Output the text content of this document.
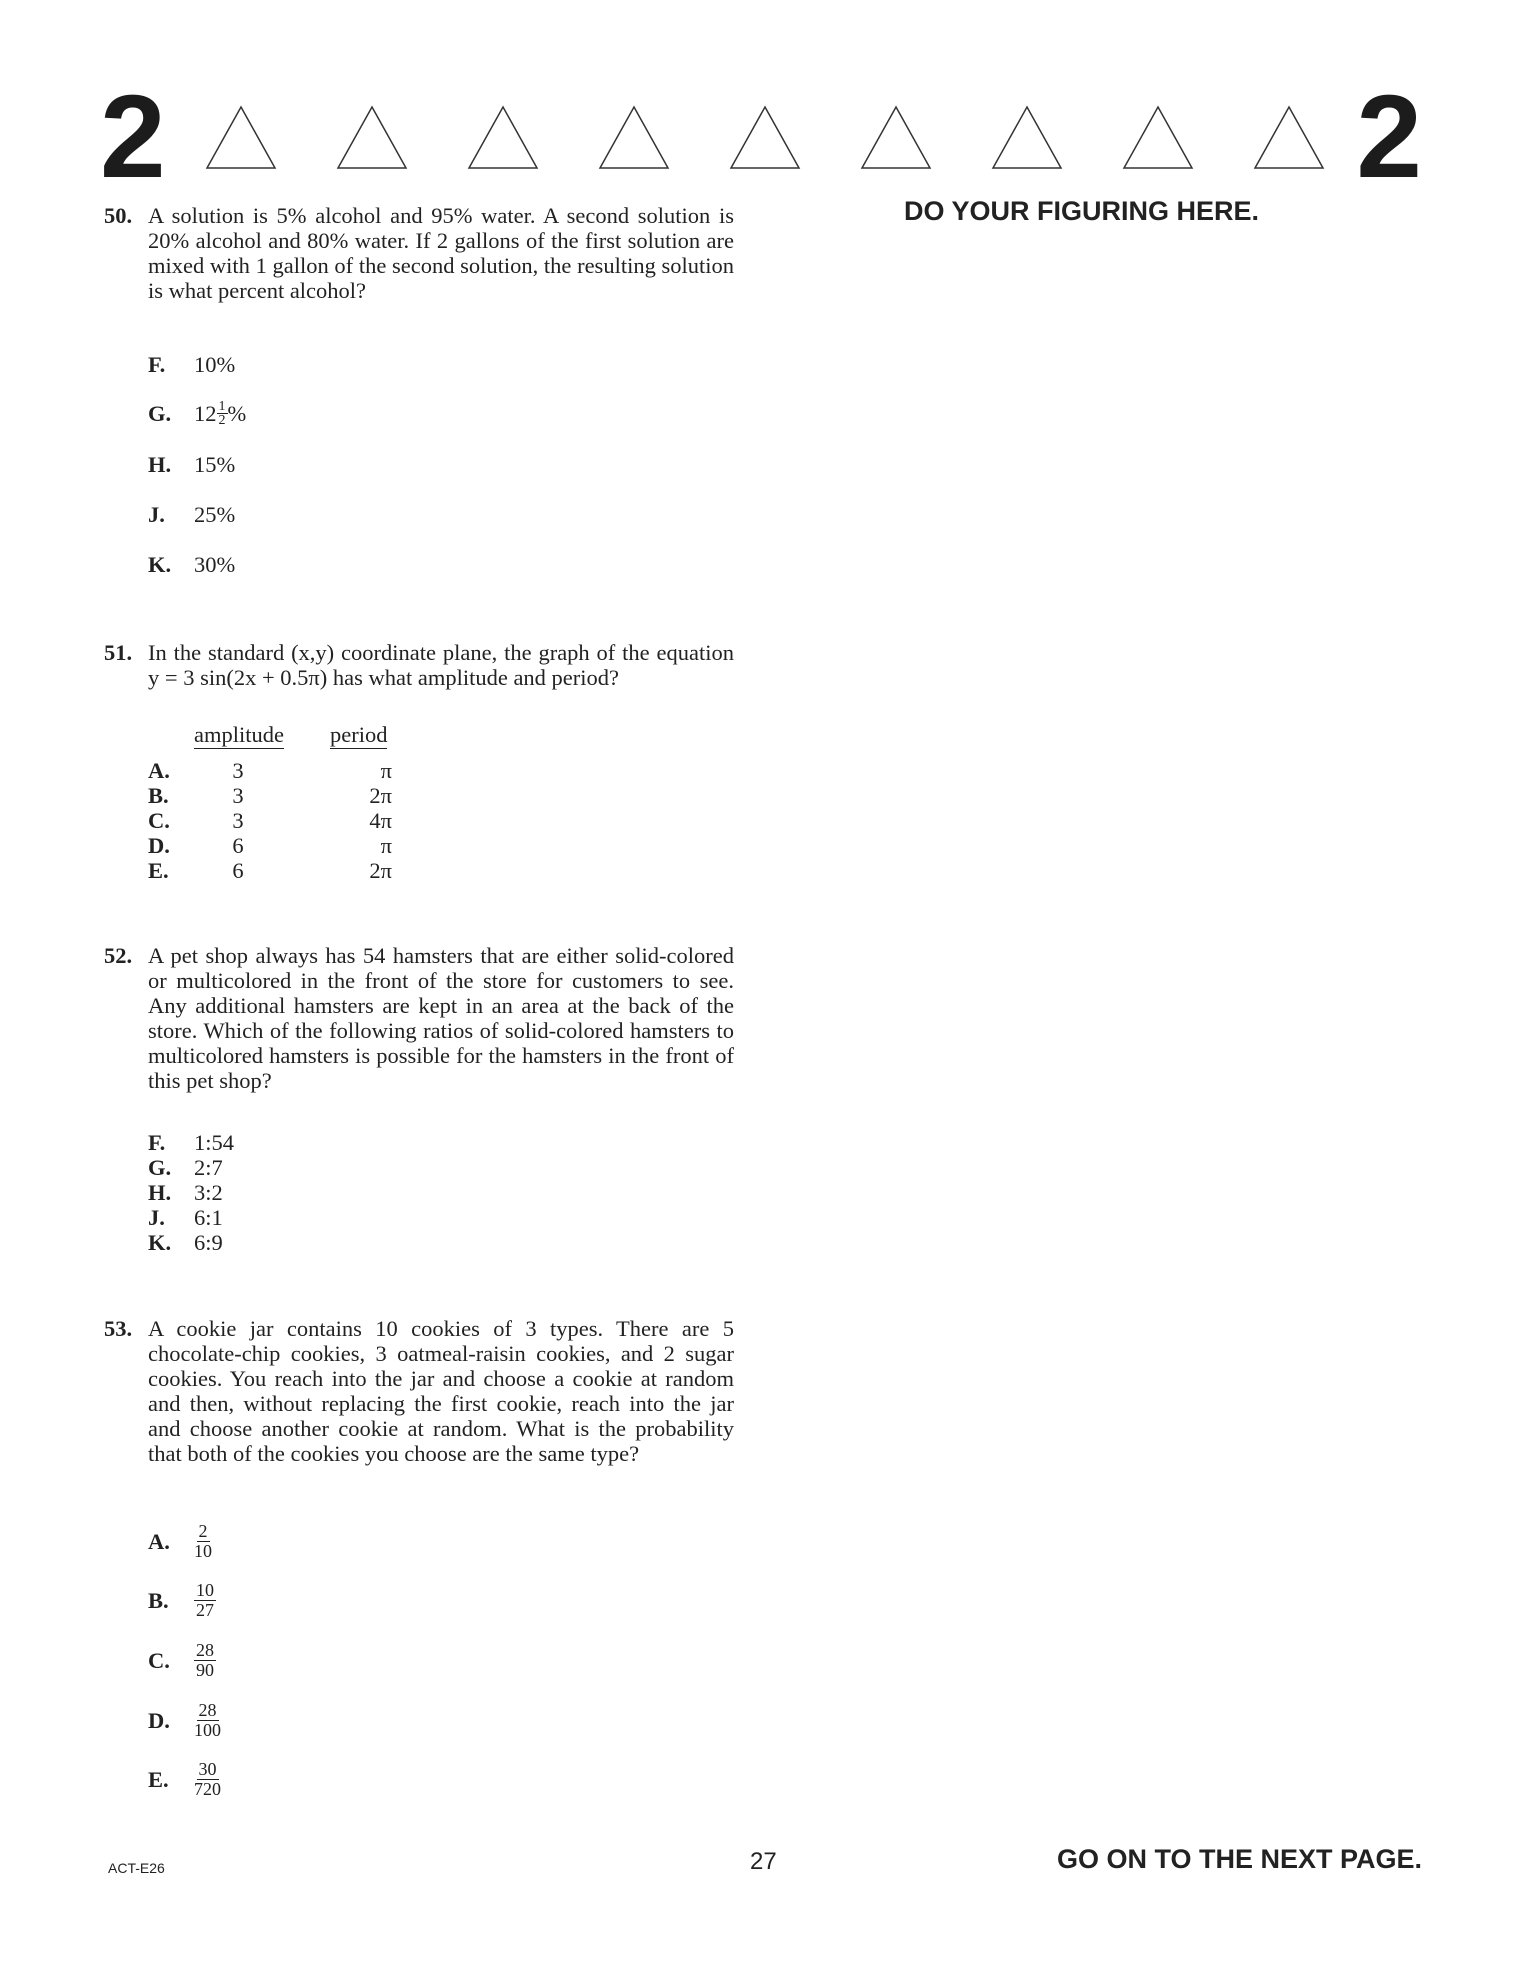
2	2
DO YOUR FIGURING HERE.
50. A solution is 5% alcohol and 95% water. A second solution is 20% alcohol and 80% water. If 2 gallons of the first solution are mixed with 1 gallon of the second solution, the resulting solution is what percent alcohol?
F.	10%
G.	$12 \frac{1}{2}$ %
H.	15%
J.	25%
K.	30%
51. In the standard (x,y) coordinate plane, the graph of the equation y = 3 sin(2x + 0.5π) has what amplitude and period?
amplitude period
A.	3	π
B.	3	2π
C.	3	4π
D.	6	π
E.	6	2π
52. A pet shop always has 54 hamsters that are either solid-colored or multicolored in the front of the store for customers to see. Any additional hamsters are kept in an area at the back of the store. Which of the following ratios of solid-colored hamsters to multicolored hamsters is possible for the hamsters in the front of this pet shop?
F.	1:54
G.	2:7
H.	3:2
J.	6:1
K.	6:9
53. A cookie jar contains 10 cookies of 3 types. There are 5 chocolate-chip cookies, 3 oatmeal-raisin cookies, and 2 sugar cookies. You reach into the jar and choose a cookie at random and then, without replacing the first cookie, reach into the jar and choose another cookie at random. What is the probability that both of the cookies you choose are the same type?
A.	$\frac{2}{10}$
B.	$\frac{10}{27}$
C.	$\frac{28}{90}$
D.	$\frac{28}{100}$
E.	$\frac{30}{720}$
ACT-E26	27	GO ON TO THE NEXT PAGE.
